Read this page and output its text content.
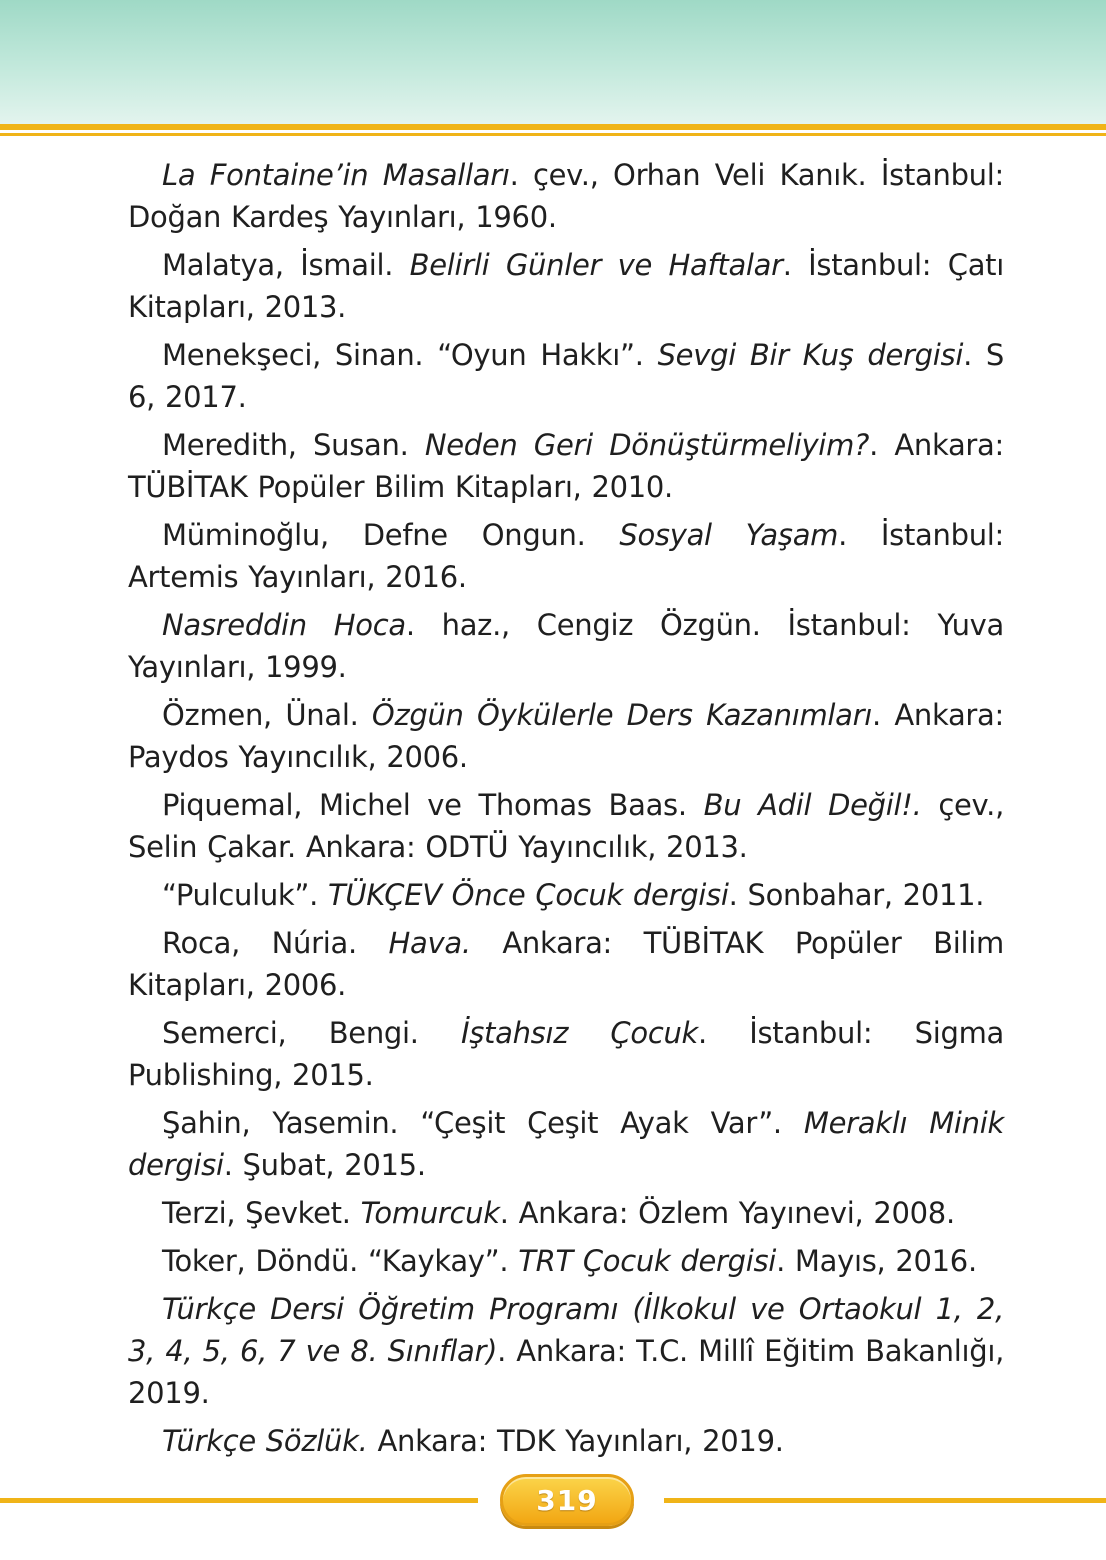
La Fontaine’in Masalları. çev., Orhan Veli Kanık. İstanbul: Doğan Kardeş Yayınları, 1960.
Malatya, İsmail. Belirli Günler ve Haftalar. İstanbul: Çatı Kitapları, 2013.
Menekşeci, Sinan. “Oyun Hakkı”. Sevgi Bir Kuş dergisi. S 6, 2017.
Meredith, Susan. Neden Geri Dönüştürmeliyim?. Ankara: TÜBİTAK Popüler Bilim Kitapları, 2010.
Müminoğlu, Defne Ongun. Sosyal Yaşam. İstanbul: Artemis Yayınları, 2016.
Nasreddin Hoca. haz., Cengiz Özgün. İstanbul: Yuva Yayınları, 1999.
Özmen, Ünal. Özgün Öykülerle Ders Kazanımları. Ankara: Paydos Yayıncılık, 2006.
Piquemal, Michel ve Thomas Baas. Bu Adil Değil!. çev., Selin Çakar. Ankara: ODTÜ Yayıncılık, 2013.
“Pulculuk”. TÜKÇEV Önce Çocuk dergisi. Sonbahar, 2011.
Roca, Núria. Hava. Ankara: TÜBİTAK Popüler Bilim Kitapları, 2006.
Semerci, Bengi. İştahsız Çocuk. İstanbul: Sigma Publishing, 2015.
Şahin, Yasemin. “Çeşit Çeşit Ayak Var”. Meraklı Minik dergisi. Şubat, 2015.
Terzi, Şevket. Tomurcuk. Ankara: Özlem Yayınevi, 2008.
Toker, Döndü. “Kaykay”. TRT Çocuk dergisi. Mayıs, 2016.
Türkçe Dersi Öğretim Programı (İlkokul ve Ortaokul 1, 2, 3, 4, 5, 6, 7 ve 8. Sınıflar). Ankara: T.C. Millî Eğitim Bakanlığı, 2019.
Türkçe Sözlük. Ankara: TDK Yayınları, 2019.
319
